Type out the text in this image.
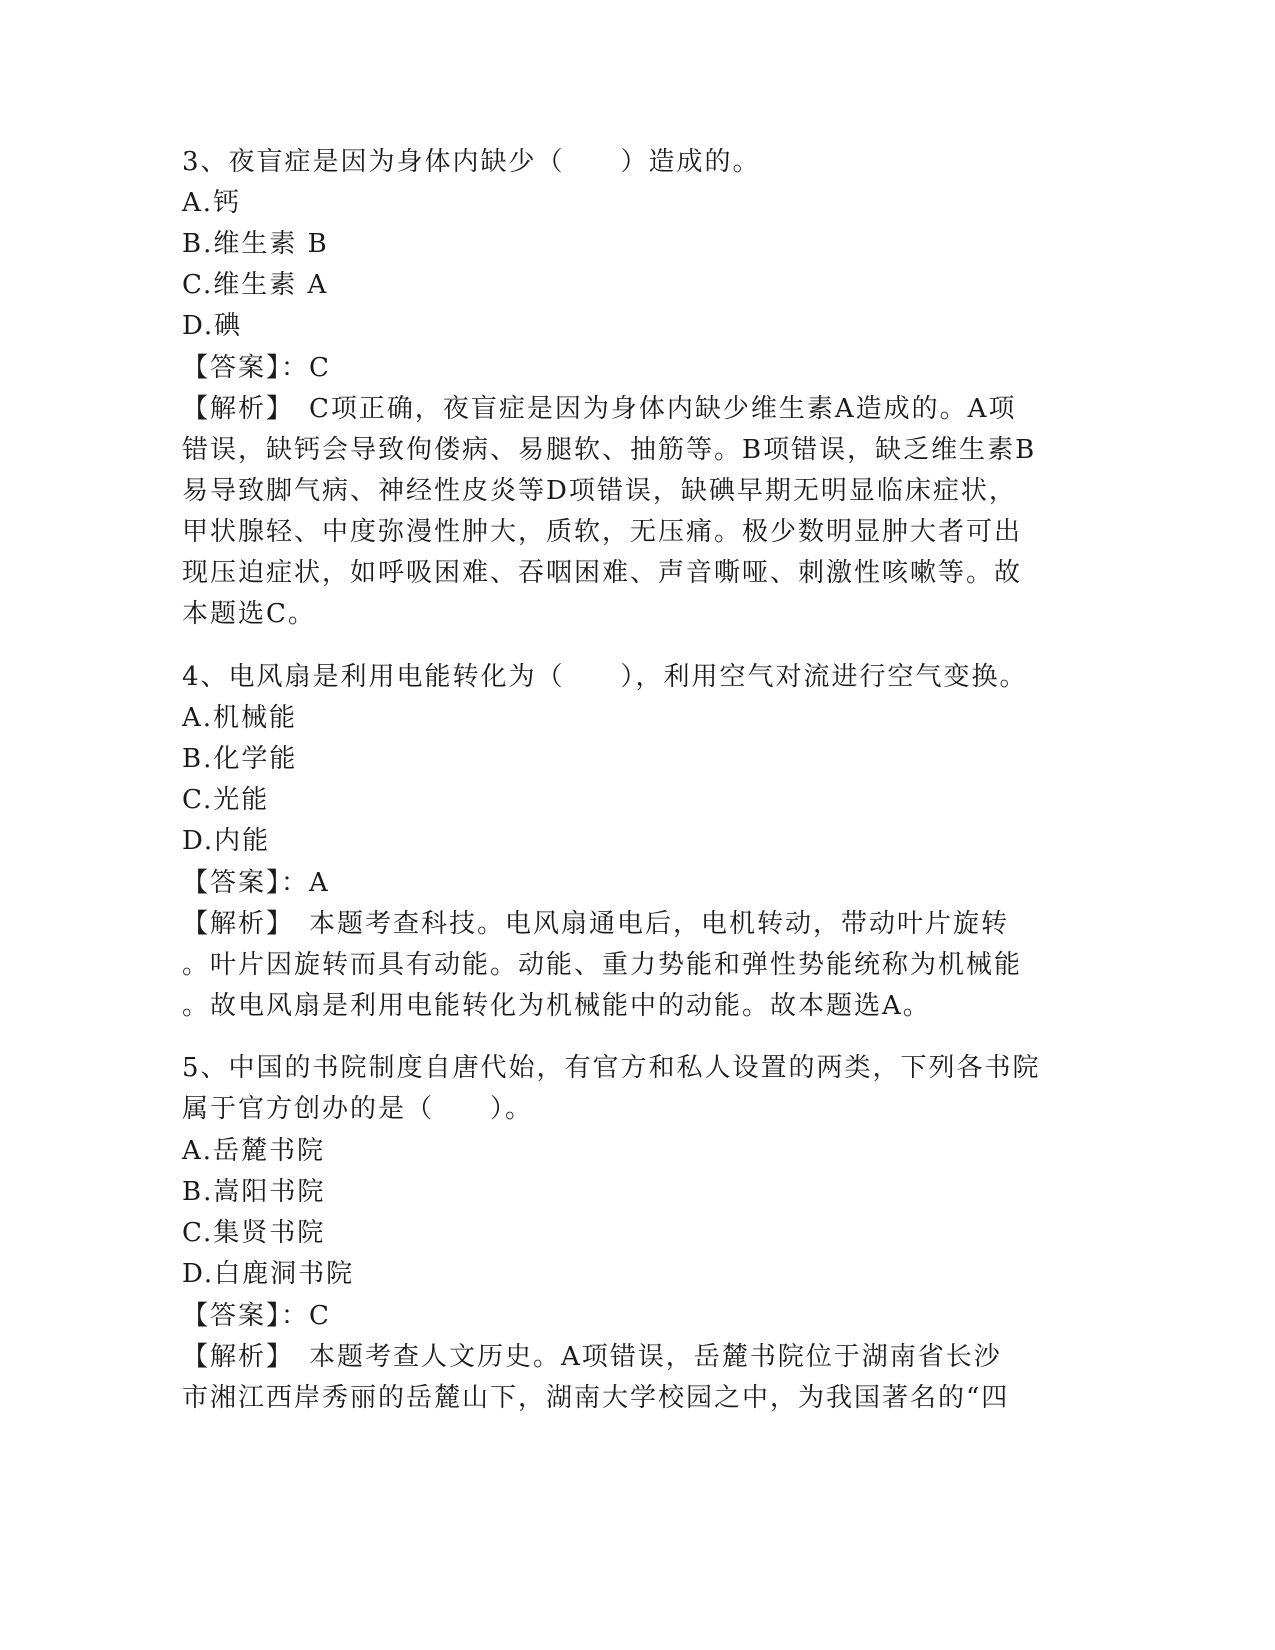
3、夜盲症是因为身体内缺少（　　）造成的。
A.钙
B.维生素 B
C.维生素 A
D.碘
【答案】：C
【解析】　C项正确，夜盲症是因为身体内缺少维生素A造成的。A项
错误，缺钙会导致佝偻病、易腿软、抽筋等。B项错误，缺乏维生素B
易导致脚气病、神经性皮炎等D项错误，缺碘早期无明显临床症状，
甲状腺轻、中度弥漫性肿大，质软，无压痛。极少数明显肿大者可出
现压迫症状，如呼吸困难、吞咽困难、声音嘶哑、刺激性咳嗽等。故
本题选C。
4、电风扇是利用电能转化为（　　），利用空气对流进行空气变换。
A.机械能
B.化学能
C.光能
D.内能
【答案】：A
【解析】　本题考查科技。电风扇通电后，电机转动，带动叶片旋转
。叶片因旋转而具有动能。动能、重力势能和弹性势能统称为机械能
。故电风扇是利用电能转化为机械能中的动能。故本题选A。
5、中国的书院制度自唐代始，有官方和私人设置的两类，下列各书院
属于官方创办的是（　　）。
A.岳麓书院
B.嵩阳书院
C.集贤书院
D.白鹿洞书院
【答案】：C
【解析】　本题考查人文历史。A项错误，岳麓书院位于湖南省长沙
市湘江西岸秀丽的岳麓山下，湖南大学校园之中，为我国著名的“四
